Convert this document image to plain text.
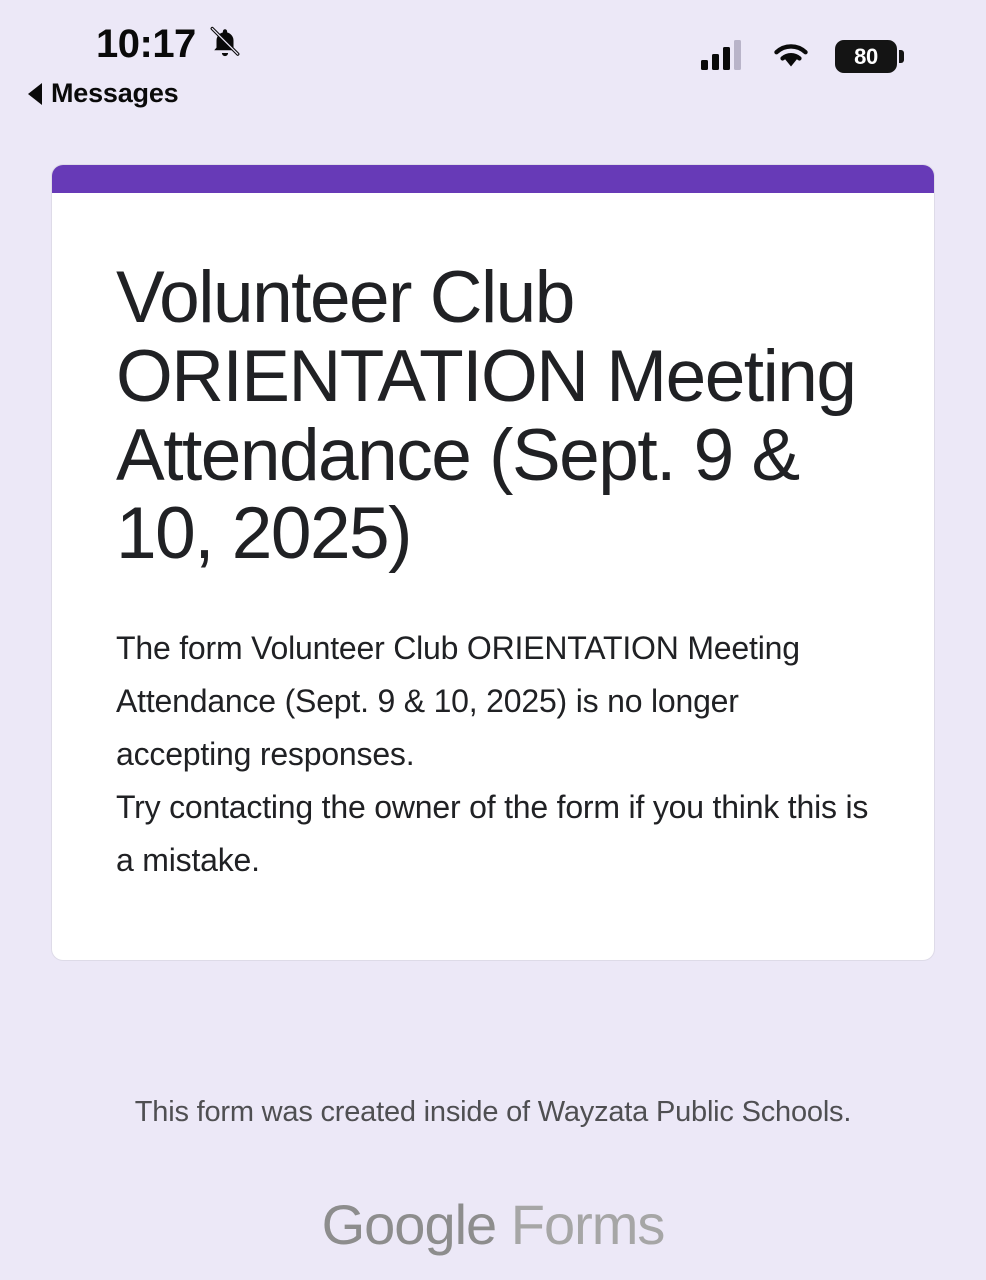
10:17	80
Messages
Volunteer Club ORIENTATION Meeting Attendance (Sept. 9 & 10, 2025)

The form Volunteer Club ORIENTATION Meeting Attendance (Sept. 9 & 10, 2025) is no longer accepting responses.

Try contacting the owner of the form if you think this is a mistake.

This form was created inside of Wayzata Public Schools.
Google Forms
